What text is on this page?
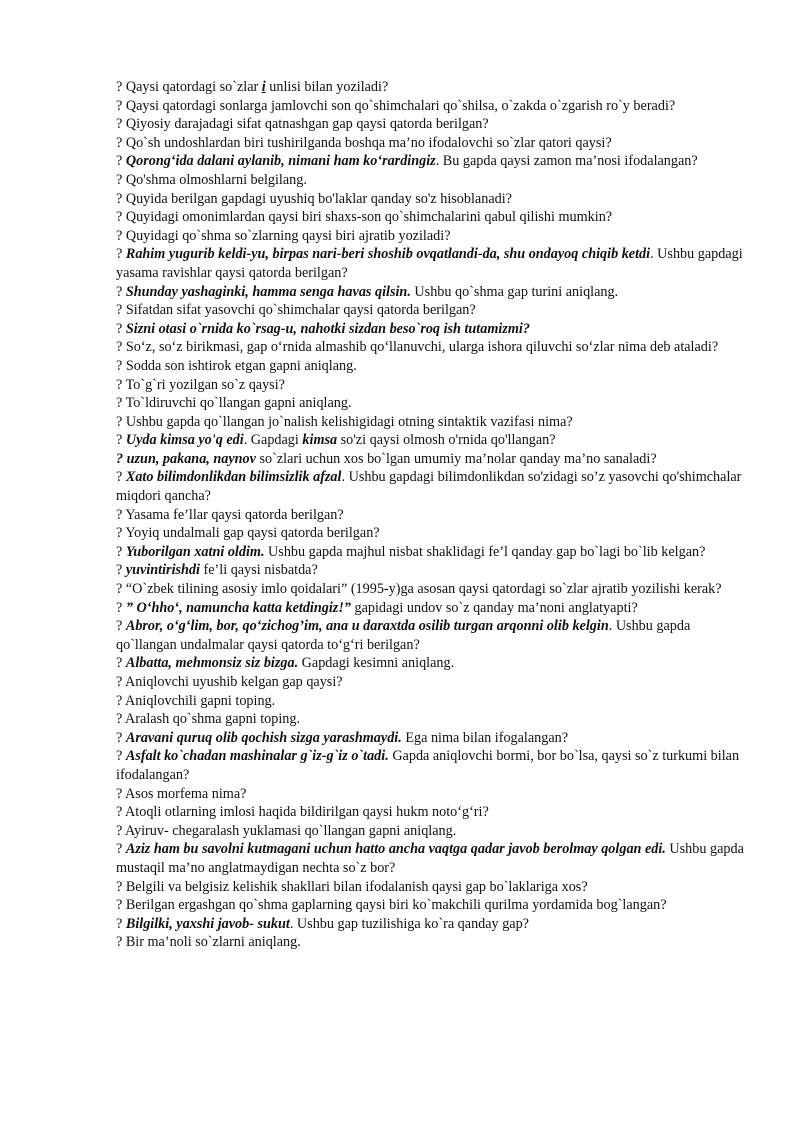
? Qaysi qatordagi so`zlar i unlisi bilan yoziladi?

? Qaysi qatordagi sonlarga jamlovchi son qo`shimchalari qo`shilsa, o`zakda o`zgarish ro`y beradi?

? Qiyosiy darajadagi sifat qatnashgan gap qaysi qatorda berilgan?

? Qo`sh undoshlardan biri tushirilganda boshqa ma’no ifodalovchi so`zlar qatori qaysi?

? Qorong‘ida dalani aylanib, nimani ham ko‘rardingiz. Bu gapda qaysi zamon ma’nosi ifodalangan?

? Qo'shma olmoshlarni belgilang.

? Quyida berilgan gapdagi uyushiq bo'laklar qanday so'z hisoblanadi?

? Quyidagi omonimlardan qaysi biri shaxs-son qo`shimchalarini qabul qilishi mumkin?

? Quyidagi qo`shma so`zlarning qaysi biri ajratib yoziladi?

? Rahim yugurib keldi-yu, birpas nari-beri shoshib ovqatlandi-da, shu ondayoq chiqib ketdi. Ushbu gapdagi yasama ravishlar qaysi qatorda berilgan?

? Shunday yashaginki, hamma senga havas qilsin. Ushbu qo`shma gap turini aniqlang.

? Sifatdan sifat yasovchi qo`shimchalar qaysi qatorda berilgan?

? Sizni otasi o`rnida ko`rsag-u, nahotki sizdan beso`roq ish tutamizmi?

? So‘z, so‘z birikmasi, gap o‘rnida almashib qo‘llanuvchi, ularga ishora qiluvchi so‘zlar nima deb ataladi?

? Sodda son ishtirok etgan gapni aniqlang.

? To`g`ri yozilgan so`z qaysi?

? To`ldiruvchi qo`llangan gapni aniqlang.

? Ushbu gapda qo`llangan jo`nalish kelishigidagi otning sintaktik vazifasi nima?

? Uyda kimsa yo'q edi. Gapdagi kimsa so'zi qaysi olmosh o'rnida qo'llangan?

? uzun, pakana, naynov so`zlari uchun xos bo`lgan umumiy ma’nolar qanday ma’no sanaladi?

? Xato bilimdonlikdan bilimsizlik afzal. Ushbu gapdagi bilimdonlikdan so'zidagi so’z yasovchi qo'shimchalar miqdori qancha?

? Yasama fe’llar qaysi qatorda berilgan?

? Yoyiq undalmali gap qaysi qatorda berilgan?

? Yuborilgan xatni oldim. Ushbu gapda majhul nisbat shaklidagi fe’l qanday gap bo`lagi bo`lib kelgan?

? yuvintirishdi fe’li qaysi nisbatda?

? “O`zbek tilining asosiy imlo qoidalari” (1995-y)ga asosan qaysi qatordagi so`zlar ajratib yozilishi kerak?

? ” O‘hho‘, namuncha katta ketdingiz!” gapidagi undov so`z qanday ma’noni anglatyapti?

? Abror, o‘g‘lim, bor, qo‘zichog’im, ana u daraxtda osilib turgan arqonni olib kelgin. Ushbu gapda qo`llangan undalmalar qaysi qatorda to‘g‘ri berilgan?

? Albatta, mehmonsiz siz bizga. Gapdagi kesimni aniqlang.

? Aniqlovchi uyushib kelgan gap qaysi?

? Aniqlovchili gapni toping.

? Aralash qo`shma gapni toping.

? Aravani quruq olib qochish sizga yarashmaydi. Ega nima bilan ifogalangan?

? Asfalt ko`chadan mashinalar g`iz-g`iz o`tadi. Gapda aniqlovchi bormi, bor bo`lsa, qaysi so`z turkumi bilan ifodalangan?

? Asos morfema nima?

? Atoqli otlarning imlosi haqida bildirilgan qaysi hukm noto‘g‘ri?

? Ayiruv- chegaralash yuklamasi qo`llangan gapni aniqlang.

? Aziz ham bu savolni kutmagani uchun hatto ancha vaqtga qadar javob berolmay qolgan edi. Ushbu gapda mustaqil ma’no anglatmaydigan nechta so`z bor?

? Belgili va belgisiz kelishik shakllari bilan ifodalanish qaysi gap bo`laklariga xos?

? Berilgan ergashgan qo`shma gaplarning qaysi biri ko`makchili qurilma yordamida bog`langan?

? Bilgilki, yaxshi javob- sukut. Ushbu gap tuzilishiga ko`ra qanday gap?

? Bir ma’noli so`zlarni aniqlang.
